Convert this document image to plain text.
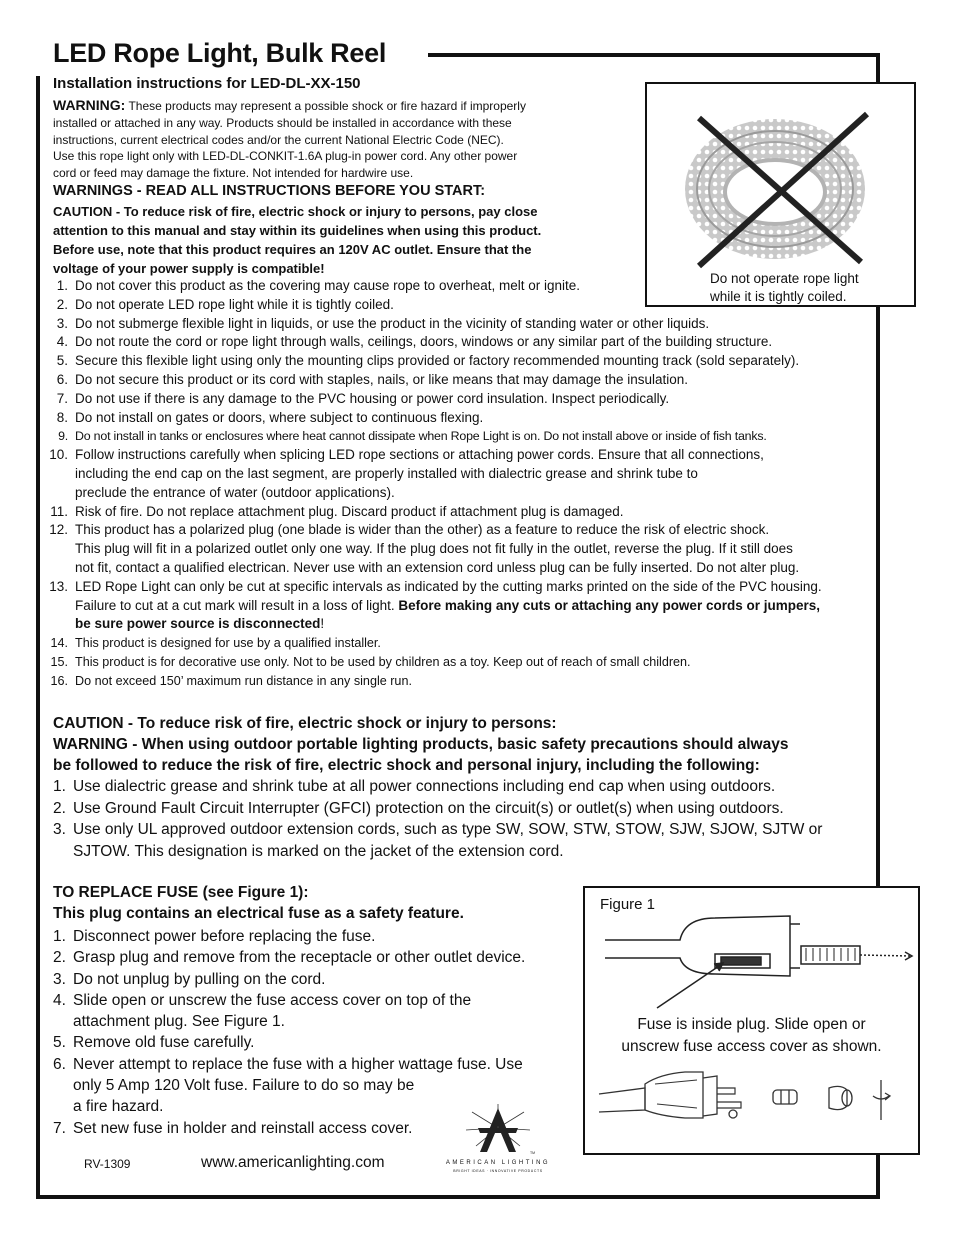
LED Rope Light, Bulk Reel
Installation instructions for LED-DL-XX-150
WARNING: These products may represent a possible shock or fire hazard if improperly
installed or attached in any way. Products should be installed in accordance with these
instructions, current electrical codes and/or the current National Electric Code (NEC).
Use this rope light only with LED-DL-CONKIT-1.6A plug-in power cord. Any other power
cord or feed may damage the fixture. Not intended for hardwire use.
WARNINGS - READ ALL INSTRUCTIONS BEFORE YOU START:
CAUTION - To reduce risk of fire, electric shock or injury to persons, pay close
attention to this manual and stay within its guidelines when using this product.
Before use, note that this product requires an 120V AC outlet. Ensure that the
voltage of your power supply is compatible!
Do not operate rope light
while it is tightly coiled.
1. Do not cover this product as the covering may cause rope to overheat, melt or ignite.
2. Do not operate LED rope light while it is tightly coiled.
3. Do not submerge flexible light in liquids, or use the product in the vicinity of standing water or other liquids.
4. Do not route the cord or rope light through walls, ceilings, doors, windows or any similar part of the building structure.
5. Secure this flexible light using only the mounting clips provided or factory recommended mounting track (sold separately).
6. Do not secure this product or its cord with staples, nails, or like means that may damage the insulation.
7. Do not use if there is any damage to the PVC housing or power cord insulation. Inspect periodically.
8. Do not install on gates or doors, where subject to continuous flexing.
9. Do not install in tanks or enclosures where heat cannot dissipate when Rope Light is on. Do not install above or inside of fish tanks.
10. Follow instructions carefully when splicing LED rope sections or attaching power cords. Ensure that all connections,
including the end cap on the last segment, are properly installed with dialectric grease and shrink tube to
preclude the entrance of water (outdoor applications).
11. Risk of fire. Do not replace attachment plug. Discard product if attachment plug is damaged.
12. This product has a polarized plug (one blade is wider than the other) as a feature to reduce the risk of electric shock.
This plug will fit in a polarized outlet only one way. If the plug does not fit fully in the outlet, reverse the plug. If it still does
not fit, contact a qualified electrican. Never use with an extension cord unless plug can be fully inserted. Do not alter plug.
13. LED Rope Light can only be cut at specific intervals as indicated by the cutting marks printed on the side of the PVC housing.
Failure to cut at a cut mark will result in a loss of light. Before making any cuts or attaching any power cords or jumpers,
be sure power source is disconnected!
14. This product is designed for use by a qualified installer.
15. This product is for decorative use only. Not to be used by children as a toy. Keep out of reach of small children.
16. Do not exceed 150’ maximum run distance in any single run.
CAUTION - To reduce risk of fire, electric shock or injury to persons:
WARNING - When using outdoor portable lighting products, basic safety precautions should always
be followed to reduce the risk of fire, electric shock and personal injury, including the following:
1. Use dialectric grease and shrink tube at all power connections including end cap when using outdoors.
2. Use Ground Fault Circuit Interrupter (GFCI) protection on the circuit(s) or outlet(s) when using outdoors.
3. Use only UL approved outdoor extension cords, such as type SW, SOW, STW, STOW, SJW, SJOW, SJTW or
SJTOW. This designation is marked on the jacket of the extension cord.
TO REPLACE FUSE (see Figure 1):
This plug contains an electrical fuse as a safety feature.
1. Disconnect power before replacing the fuse.
2. Grasp plug and remove from the receptacle or other outlet device.
3. Do not unplug by pulling on the cord.
4. Slide open or unscrew the fuse access cover on top of the
attachment plug. See Figure 1.
5. Remove old fuse carefully.
6. Never attempt to replace the fuse with a higher wattage fuse. Use
only 5 Amp 120 Volt fuse. Failure to do so may be
a fire hazard.
7. Set new fuse in holder and reinstall access cover.
Figure 1
Fuse is inside plug. Slide open or
unscrew fuse access cover as shown.
RV-1309	www.americanlighting.com
TM
AMERICAN LIGHTING
BRIGHT IDEAS · INNOVATIVE PRODUCTS
